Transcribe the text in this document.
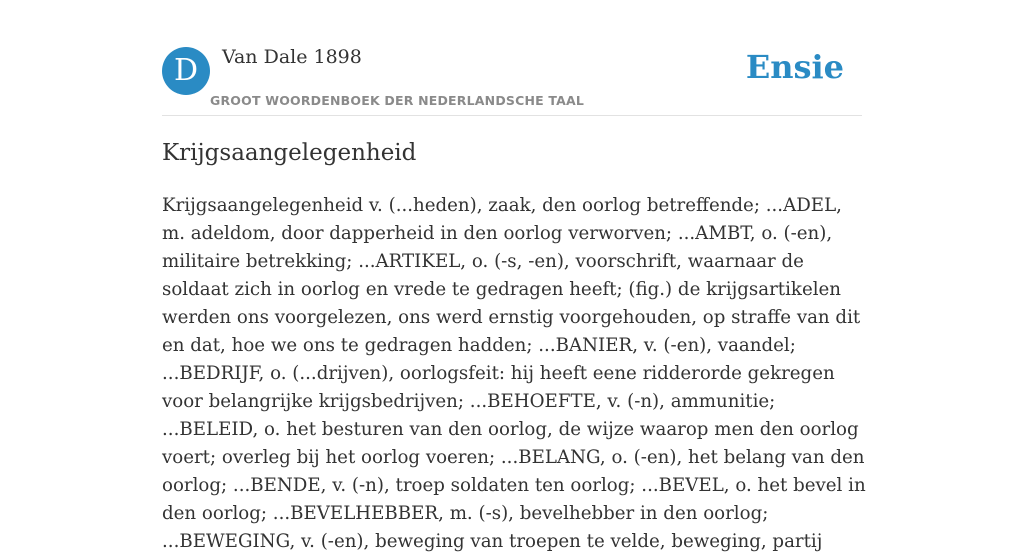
D	Van Dale 1898
GROOT WOORDENBOEK DER NEDERLANDSCHE TAAL
Ensie
Krijgsaangelegenheid

Krijgsaangelegenheid v. (...heden), zaak, den oorlog betreffende; ...ADEL, m. adeldom, door dapperheid in den oorlog verworven; ...AMBT, o. (-en), militaire betrekking; ...ARTIKEL, o. (-s, -en), voorschrift, waarnaar de soldaat zich in oorlog en vrede te gedragen heeft; (fig.) de krijgsartikelen werden ons voorgelezen, ons werd ernstig voorgehouden, op straffe van dit en dat, hoe we ons te gedragen hadden; ...BANIER, v. (-en), vaandel; ...BEDRIJF, o. (...drijven), oorlogsfeit: hij heeft eene ridderorde gekregen voor belangrijke krijgsbedrijven; ...BEHOEFTE, v. (-n), ammunitie; ...BELEID, o. het besturen van den oorlog, de wijze waarop men den oorlog voert; overleg bij het oorlog voeren; ...BELANG, o. (-en), het belang van den oorlog; ...BENDE, v. (-n), troep soldaten ten oorlog; ...BEVEL, o. het bevel in den oorlog; ...BEVELHEBBER, m. (-s), bevelhebber in den oorlog; ...BEWEGING, v. (-en), beweging van troepen te velde, beweging, partij
